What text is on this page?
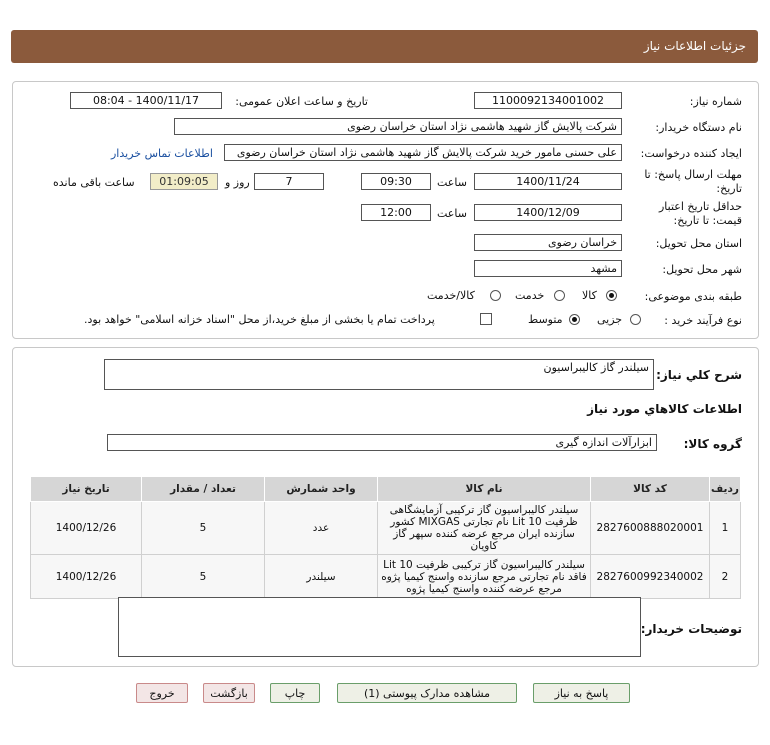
جزئیات اطلاعات نیاز
شماره نیاز:
1100092134001002
تاریخ و ساعت اعلان عمومی:
1400/11/17 - 08:04
نام دستگاه خریدار:
شرکت پالایش گاز شهید هاشمی نژاد استان خراسان رضوی
ایجاد کننده درخواست:
علی حسنی مامور خرید شرکت پالایش گاز شهید هاشمی نژاد استان خراسان رضوی
اطلاعات تماس خریدار
مهلت ارسال پاسخ: تا تاریخ:
1400/11/24
ساعت
09:30
7
روز و
01:09:05
ساعت باقی مانده
حداقل تاریخ اعتبار قیمت: تا تاریخ:
1400/12/09
ساعت
12:00
استان محل تحویل:
خراسان رضوی
شهر محل تحویل:
مشهد
طبقه بندی موضوعی:
کالا
خدمت
کالا/خدمت
نوع فرآیند خرید :
جزیی
متوسط
پرداخت تمام یا بخشی از مبلغ خرید،از محل "اسناد خزانه اسلامی" خواهد بود.
شرح کلي نياز:
سیلندر گاز کالیبراسیون
اطلاعات کالاهاي مورد نياز
گروه کالا:
ابزارآلات اندازه گیری
ردیف	کد کالا	نام کالا	واحد شمارش	تعداد / مقدار	تاریخ نیاز
1	2827600888020001	سیلندر کالیبراسیون گاز ترکیبی آزمایشگاهی ظرفیت Lit 10 نام تجارتی MIXGAS کشور سازنده ایران مرجع عرضه کننده سپهر گاز کاویان	عدد	5	1400/12/26
2	2827600992340002	سیلندر کالیبراسیون گاز ترکیبی ظرفیت Lit 10 فاقد نام تجارتی مرجع سازنده واسنج کیمیا پژوه مرجع عرضه کننده واسنج کیمیا پژوه	سیلندر	5	1400/12/26
توضیحات خریدار:
پاسخ به نیاز
مشاهده مدارک پیوستی (1)
چاپ
بازگشت
خروج
